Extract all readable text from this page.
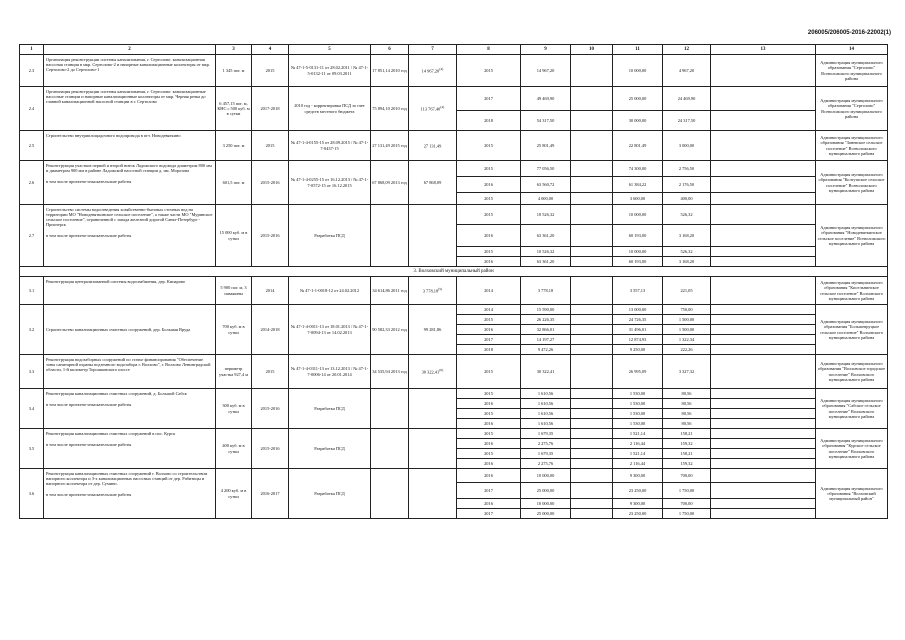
206005/206005-2016-22002(1)
1	2	3	4	5	6	7	8	9	10	11	12	13	14	
2.3	Организация реконструкции системы канализования, г. Сертолово: канализационная насосная станция в мкр. Сертолово-2 и напорные канализационные коллекторы от мкр. Сертолово-2 до Сертолово-1	1 345 пог. м	2015	№ 47-1-5-0131-11 от 28.02.2011 / № 47-1-5-0132-11 от 09.03.2011	17 851,14 2010 год	14 967,20$^{(4)}$	2015	14 967,20		10 000,00	4 967,20		Администрация муниципального образования "Сертолово" Всеволожского муниципального района	
2.4	Организация реконструкции системы канализования, г. Сертолово: канализационные насосные станции и напорные канализационные коллекторы от мкр. Черная речка до главной канализационной насосной станции в г. Сертолово	6 457,15 пог. м, КНС с 500 куб. м в сутки	2017-2018	2010 год - корректировка ПСД за счет средств местного бюджета	75 894,10 2010 год	113 767,40$^{(4)}$	2017	49 469,90		25 000,00	24 469,90		Администрация муниципального образования "Сертолово" Всеволожского муниципального района	
							2018	54 317,50		30 000,00	24 317,50			
2.5	Строительство внутриплощадочного водопровода в пгт. Новодевяткино	3 250 пог. м	2015	№ 47-1-4-0155-15 от 28.09.2015 / № 47-1-7-0437-15	27 131,49 2015 год	27 131,49	2015	25 801,49		22 801,49	3 000,00		Администрация муниципального образования "Заневское сельское поселение" Всеволожского муниципального района	
2.6	Реконструкция участков первой и второй ниток Ладожского водовода диаметром 800 мм и диаметром 900 мм в районе Ладожской насосной станции д. им. Морозова
в том числе проектно-изыскательские работы	601,5 пог. м	2015-2016	№ 47-1-4-0255-15 от 16.12.2013 / № 47-1-7-0572-15 от 16.12.2015	67 868,09 2013 год	67 868,09	2015	77 056,50		74 300,00	2 756,50		Администрация муниципального образования "Колтушское сельское поселение" Всеволожского муниципального района	
							2016	63 560,72		61 384,22	2 176,50			
							2015	4 000,00		3 600,00	400,00			
2.7	Строительство системы водоотведения хозяйственно-бытовых сточных вод на территории МО "Новодевяткинское сельское поселение", а также части МО "Муринское сельское поселение", ограниченной с запада железной дорогой Санкт-Петербург - Приозерск
в том числе проектно-изыскательские работы	15 000 куб. м в сутки	2015-2016	Разработка ПСД			2015	10 526,32		10 000,00	526,32		Администрация муниципального образования "Новодевяткинское сельское поселение" Всеволожского муниципального района	
							2016	63 361,20		60 193,00	3 168,20			
							2015	10 526,32		10 000,00	526,32			
							2016	63 361,20		60 193,00	3 168,20			
3. Волховский муниципальный район														
3.1	Реконструкция централизованной системы водоснабжения, дер. Кипарово	5 900 пог. м, 3 скважины	2014	№ 47-1-1-0018-12 от 24.02.2012	34 614,86 2011 год	3 778,18$^{(5)}$	2014	3 778,18		3 557,13	221,05		Администрация муниципального образования "Кисельнинское сельское поселение" Волховского муниципального района	
3.2	Строительство канализационных очистных сооружений, дер. Большая Вруда	700 куб. м в сутки	2014-2018	№ 47-1-4-0011-13 от 18.01.2013 / № 47-1-7-0094-13 от 14.02.2013	90 582,33 2012 год	99 281,86	2014	15 590,00		13 000,00	750,00		Администрация муниципального образования "Большевруцкое сельское поселение" Волховского муниципального района	
							2015	26 226,35		24 726,35	1 500,00			
							2016	32 866,01		31 496,01	1 500,00			
							2017	14 197,27		12 874,93	1 322,34			
							2018	9 472,26		9 250,00	222,26			
3.3	Реконструкция водозаборных сооружений по статье финансирования "Обеспечение зоны санитарной охраны подземного водозабора г. Волхово", г. Волхово Ленинградской области, 1-й километр Торошковского шоссе	периметр участка 927,4 м	2015	№ 47-1-4-0311-13 от 13.12.2013 / № 47-1-7-0006-14 от 20.01.2014	34 535,94 2013 год	30 322,41$^{(6)}$	2015	30 322,41		26 995,09	3 327,32		Администрация муниципального образования "Волховское городское поселение" Волховского муниципального района	
3.4	Реконструкция канализационных очистных сооружений, д. Большой Сабск
в том числе проектно-изыскательские работы	300 куб. м в сутки	2015-2016	Разработка ПСД			2015	1 610,56		1 530,00	80,56		Администрация муниципального образования "Сабское сельское поселение" Волховского муниципального района	
							2016	1 610,56		1 530,00	80,56			
							2015	1 610,56		1 530,00	80,56			
							2016	1 610,56		1 530,00	80,56			
3.5	Реконструкция канализационных очистных сооружений в пос. Курск
в том числе проектно-изыскательские работы	400 куб. м в сутки	2015-2016	Разработка ПСД			2015	1 679,35		1 521,14	158,21		Администрация муниципального образования "Курское сельское поселение" Волховского муниципального района	
							2016	2 275,76		2 116,44	159,32			
							2015	1 679,35		1 521,14	158,21			
							2016	2 275,76		2 116,44	159,32			
3.6	Реконструкция канализационных очистных сооружений г. Волхово со строительством напорного коллектора и 3-х канализационных насосных станций от дер. Рабитицы и напорного коллектора от дер. Сумино.
в том числе проектно-изыскательские работы	4 200 куб. м в сутки	2016-2017	Разработка ПСД			2016	10 000,00		9 300,00	700,00		Администрация муниципального образования "Волховский муниципальный район"	
							2017	25 000,00		23 250,00	1 750,00			
							2016	10 000,00		9 300,00	700,00			
							2017	25 000,00		23 250,00	1 750,00			
